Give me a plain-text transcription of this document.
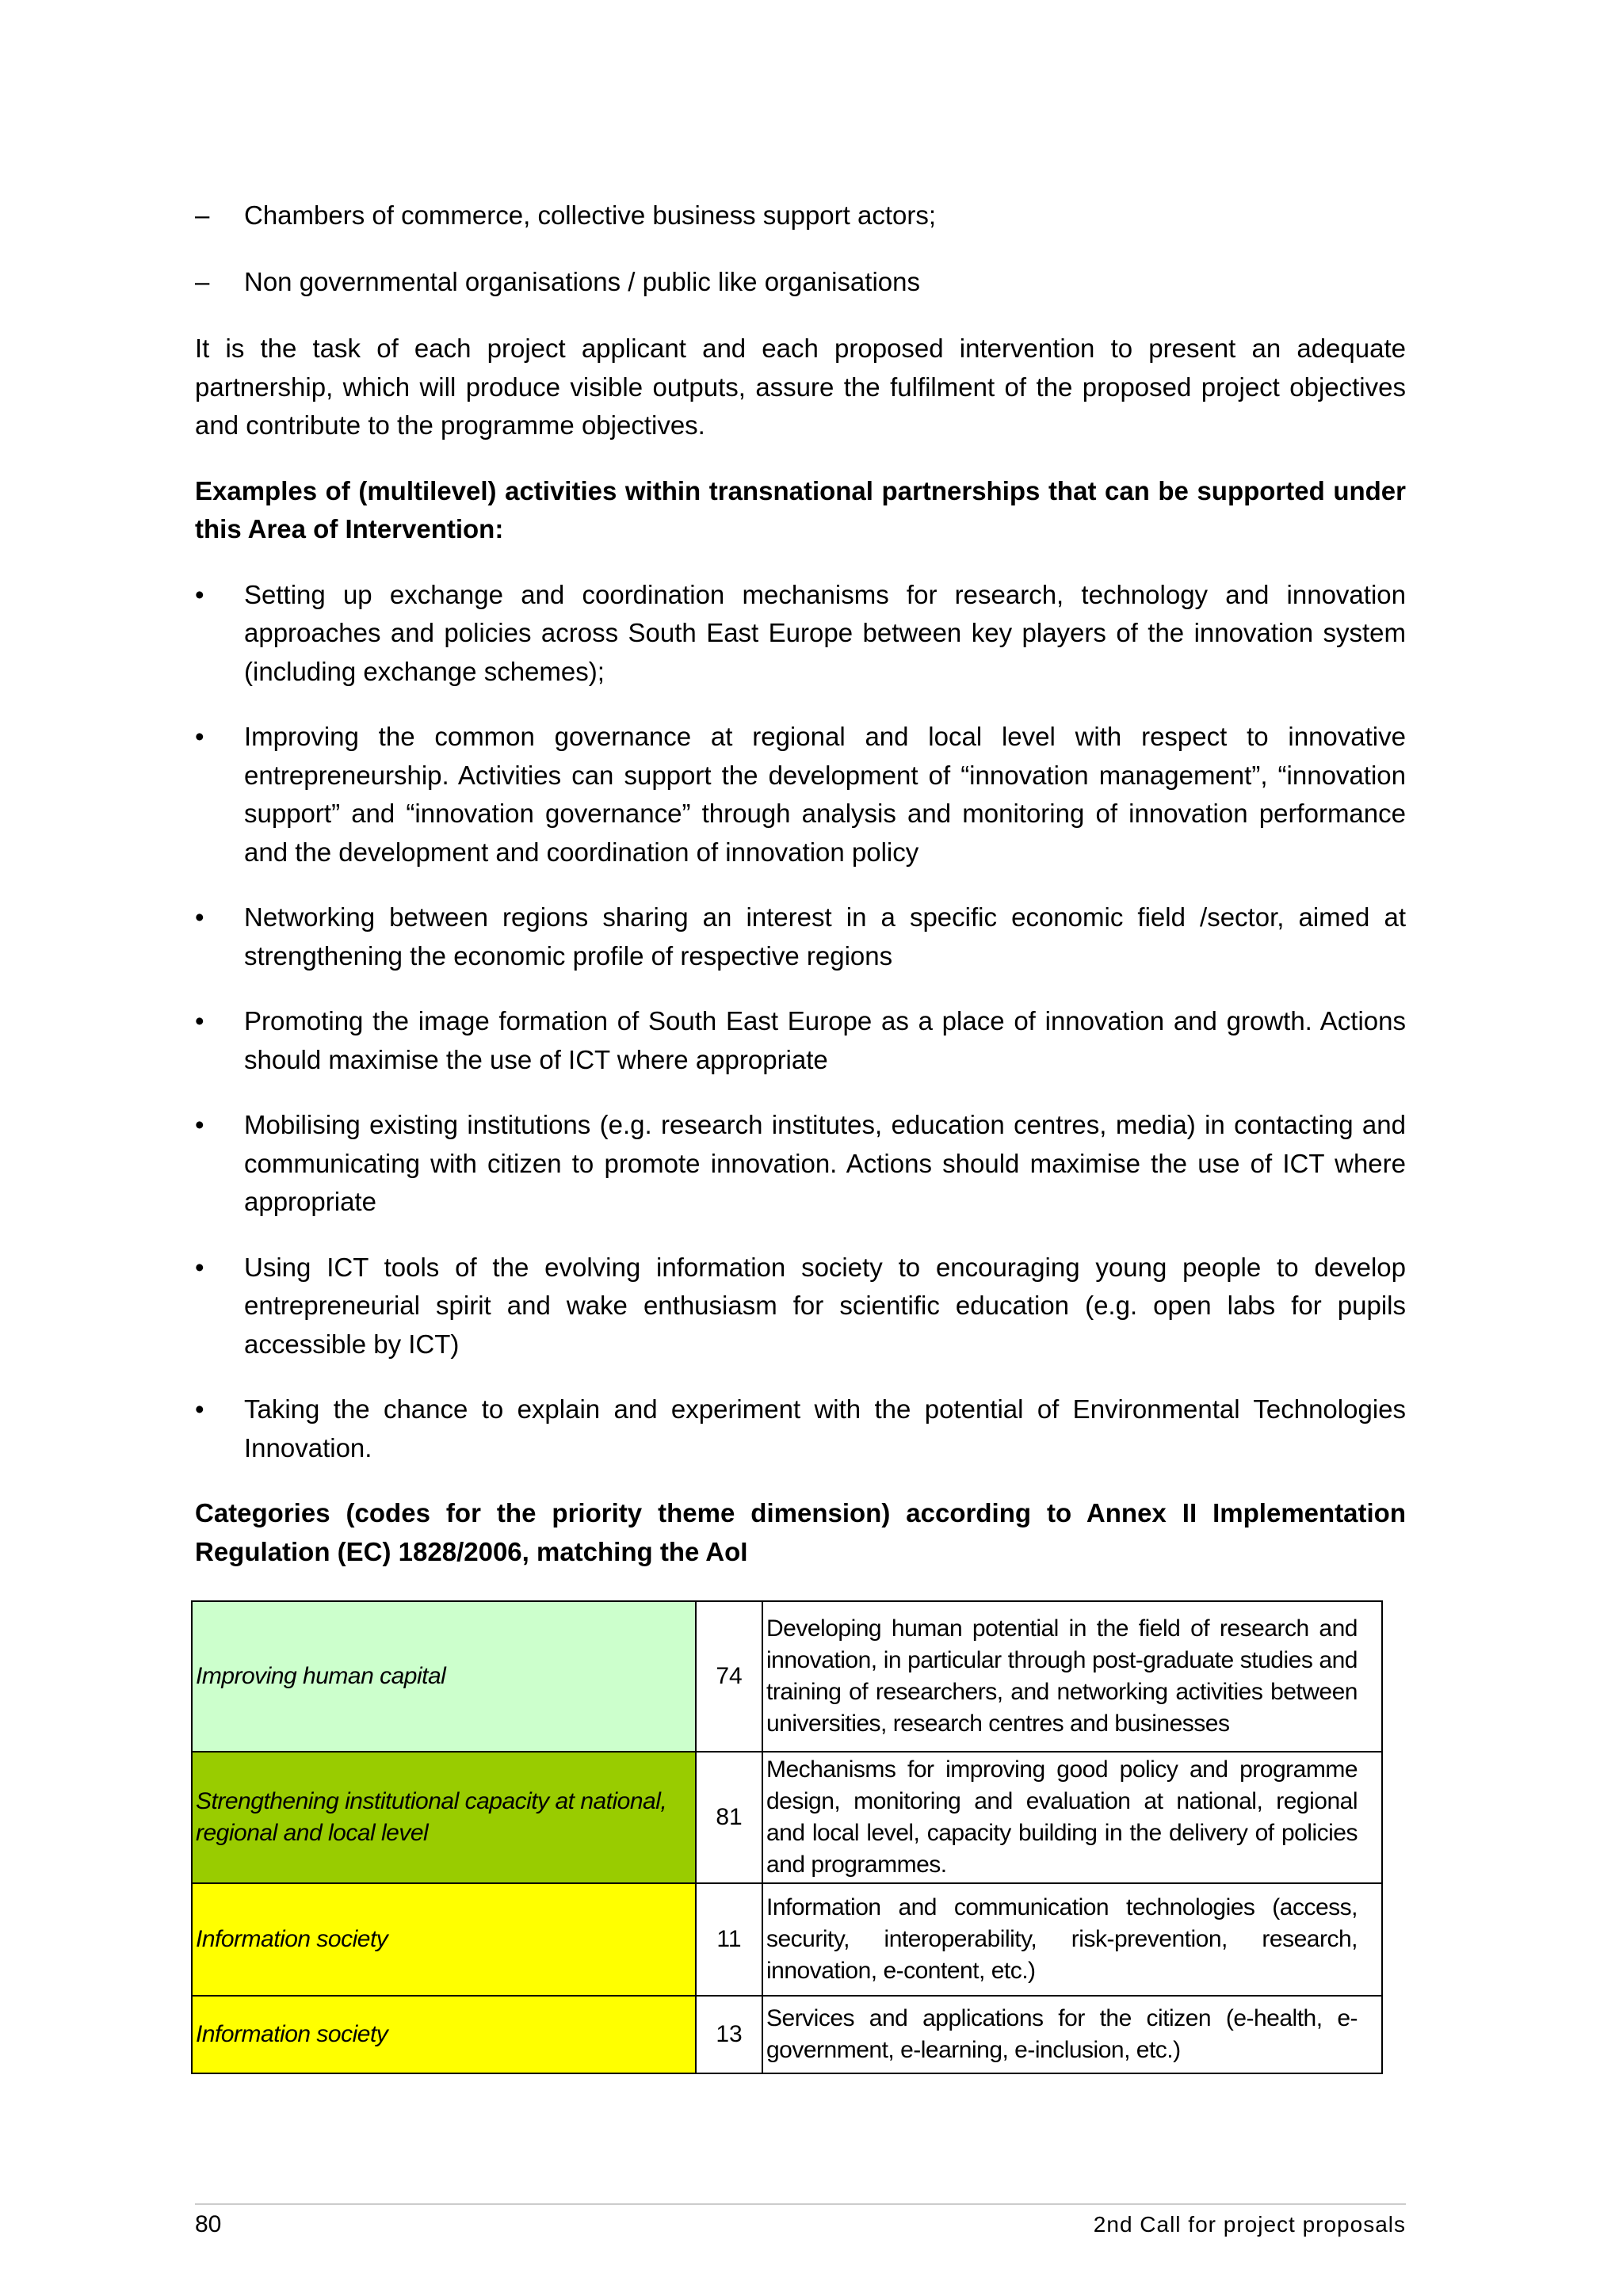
–	Chambers of commerce, collective business support actors;
–	Non governmental organisations / public like organisations

It is the task of each project applicant and each proposed intervention to present an adequate partnership, which will produce visible outputs, assure the fulfilment of the proposed project objectives and contribute to the programme objectives.

Examples of (multilevel) activities within transnational partnerships that can be supported under this Area of Intervention:

•	Setting up exchange and coordination mechanisms for research, technology and innovation approaches and policies across South East Europe between key players of the innovation system (including exchange schemes);
•	Improving the common governance at regional and local level with respect to innovative entrepreneurship. Activities can support the development of “innovation management”, “innovation support” and “innovation governance” through analysis and monitoring of innovation performance and the development and coordination of innovation policy
•	Networking between regions sharing an interest in a specific economic field /sector, aimed at strengthening the economic profile of respective regions
•	Promoting the image formation of South East Europe as a place of innovation and growth. Actions should maximise the use of ICT where appropriate
•	Mobilising existing institutions (e.g. research institutes, education centres, media) in contacting and communicating with citizen to promote innovation. Actions should maximise the use of ICT where appropriate
•	Using ICT tools of the evolving information society to encouraging young people to develop entrepreneurial spirit and wake enthusiasm for scientific education (e.g. open labs for pupils accessible by ICT)
•	Taking the chance to explain and experiment with the potential of Environmental Technologies Innovation.

Categories (codes for the priority theme dimension) according to Annex II Implementation Regulation (EC) 1828/2006, matching the AoI

Improving human capital	74	Developing human potential in the field of research and innovation, in particular through post-graduate studies and training of researchers, and networking activities between universities, research centres and businesses
Strengthening institutional capacity at national, regional and local level	81	Mechanisms for improving good policy and programme design, monitoring and evaluation at national, regional and local level, capacity building in the delivery of policies and programmes.
Information society	11	Information and communication technologies (access, security, interoperability, risk-prevention, research, innovation, e-content, etc.)
Information society	13	Services and applications for the citizen (e-health, e-government, e-learning, e-inclusion, etc.)
80	2nd Call for project proposals
